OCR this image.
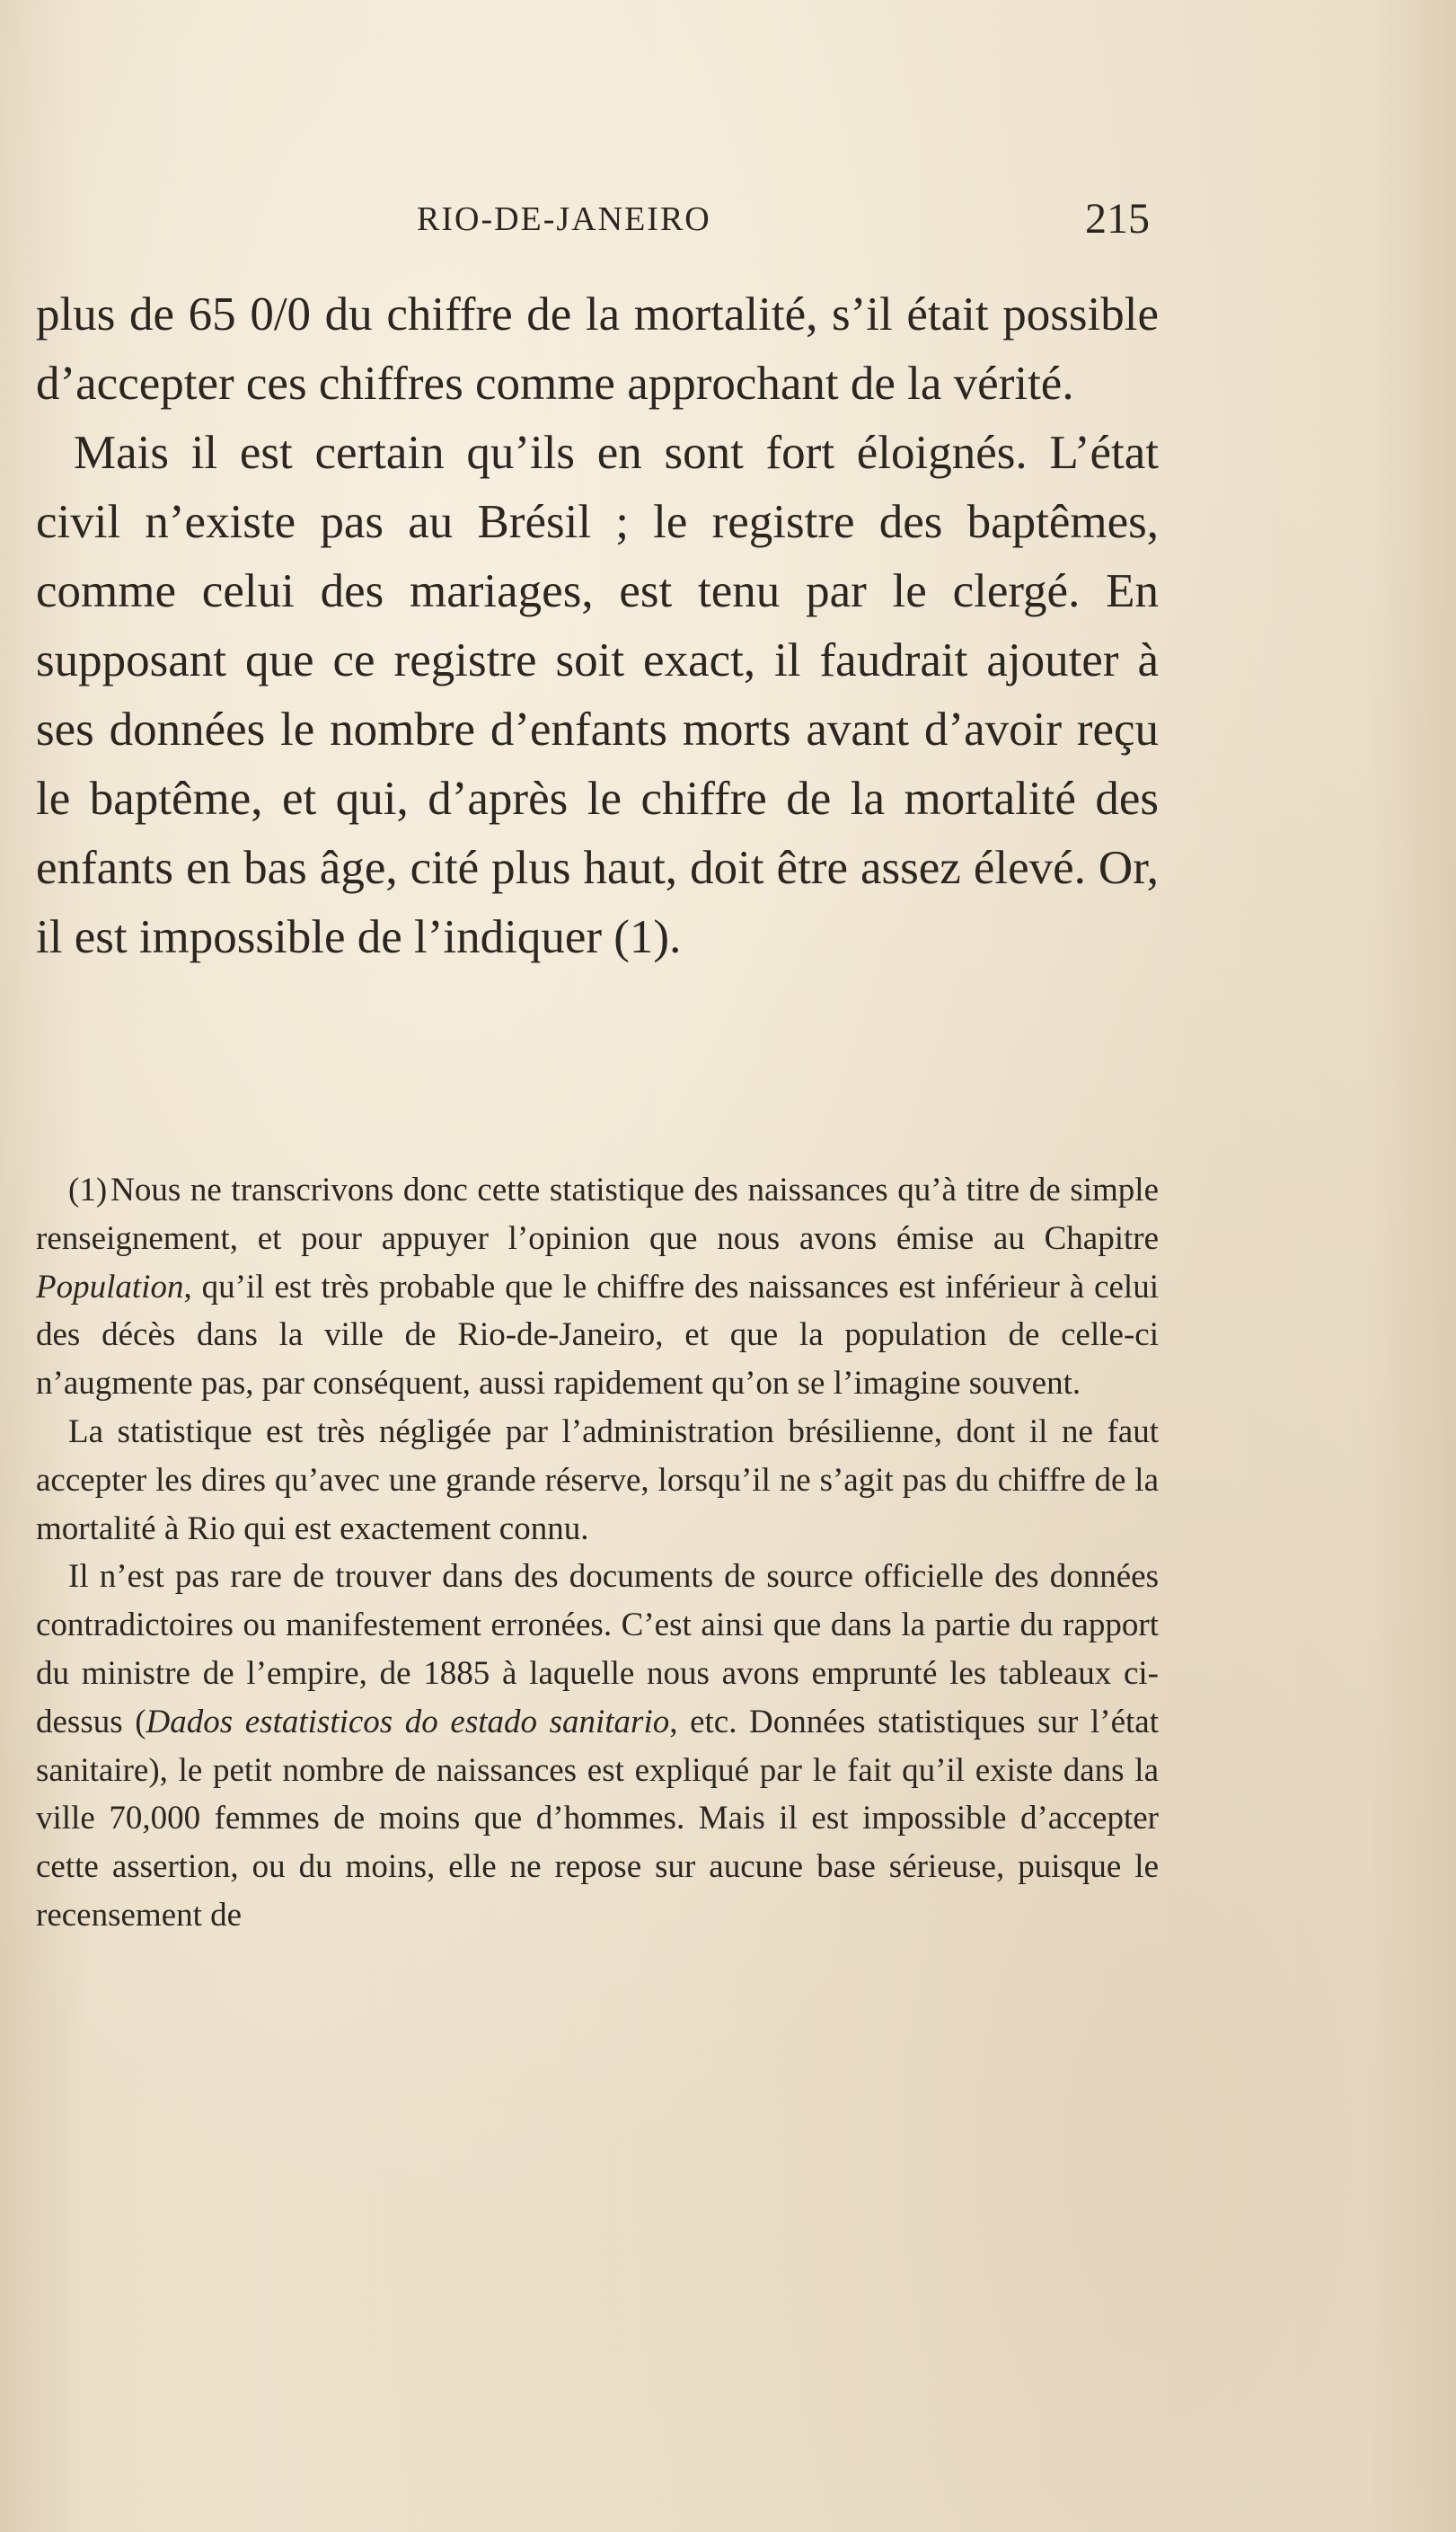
RIO-DE-JANEIRO	215

plus de 65 0/0 du chiffre de la mortalité, s’il était possible d’accepter ces chiffres comme approchant de la vérité.

Mais il est certain qu’ils en sont fort éloignés. L’état civil n’existe pas au Brésil ; le registre des baptêmes, comme celui des mariages, est tenu par le clergé. En supposant que ce registre soit exact, il faudrait ajouter à ses données le nombre d’enfants morts avant d’avoir reçu le baptême, et qui, d’après le chiffre de la mortalité des enfants en bas âge, cité plus haut, doit être assez élevé. Or, il est impossible de l’indiquer (1).

(1) Nous ne transcrivons donc cette statistique des naissances qu’à titre de simple renseignement, et pour appuyer l’opinion que nous avons émise au Chapitre Population, qu’il est très probable que le chiffre des naissances est inférieur à celui des décès dans la ville de Rio-de-Janeiro, et que la population de celle-ci n’augmente pas, par conséquent, aussi rapidement qu’on se l’imagine souvent.

La statistique est très négligée par l’administration brésilienne, dont il ne faut accepter les dires qu’avec une grande réserve, lorsqu’il ne s’agit pas du chiffre de la mortalité à Rio qui est exactement connu.

Il n’est pas rare de trouver dans des documents de source officielle des données contradictoires ou manifestement erronées. C’est ainsi que dans la partie du rapport du ministre de l’empire, de 1885 à laquelle nous avons emprunté les tableaux ci-dessus (Dados estatisticos do estado sanitario, etc. Données statistiques sur l’état sanitaire), le petit nombre de naissances est expliqué par le fait qu’il existe dans la ville 70,000 femmes de moins que d’hommes. Mais il est impossible d’accepter cette assertion, ou du moins, elle ne repose sur aucune base sérieuse, puisque le recensement de
